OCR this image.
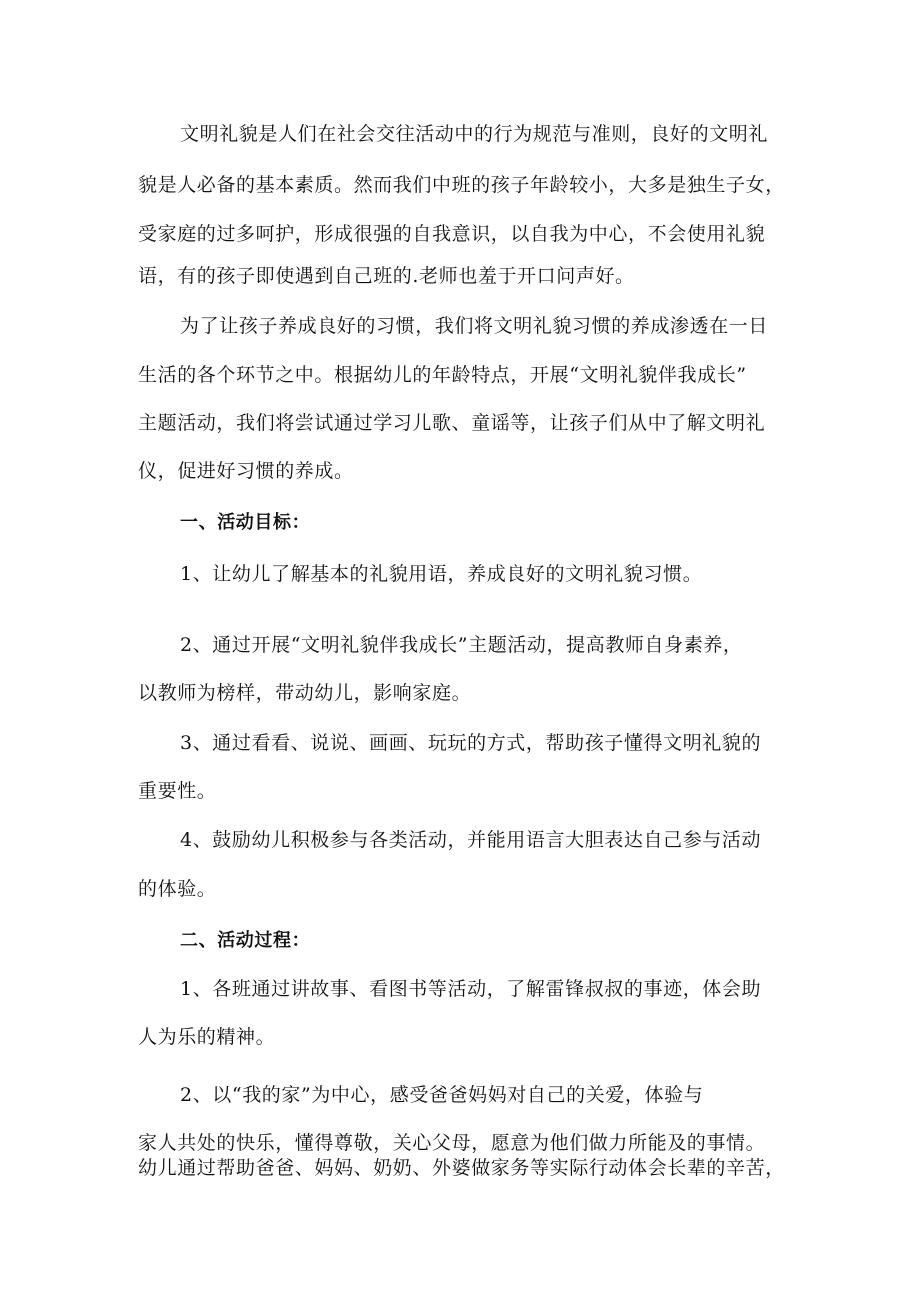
文明礼貌是人们在社会交往活动中的行为规范与准则，良好的文明礼
貌是人必备的基本素质。然而我们中班的孩子年龄较小，大多是独生子女，
受家庭的过多呵护，形成很强的自我意识，以自我为中心，不会使用礼貌
语，有的孩子即使遇到自己班的.老师也羞于开口问声好。
为了让孩子养成良好的习惯，我们将文明礼貌习惯的养成渗透在一日
生活的各个环节之中。根据幼儿的年龄特点，开展“文明礼貌伴我成长”
主题活动，我们将尝试通过学习儿歌、童谣等，让孩子们从中了解文明礼
仪，促进好习惯的养成。
一、活动目标：
1、让幼儿了解基本的礼貌用语，养成良好的文明礼貌习惯。
2、通过开展“文明礼貌伴我成长”主题活动，提高教师自身素养，
以教师为榜样，带动幼儿，影响家庭。
3、通过看看、说说、画画、玩玩的方式，帮助孩子懂得文明礼貌的
重要性。
4、鼓励幼儿积极参与各类活动，并能用语言大胆表达自己参与活动
的体验。
二、活动过程：
1、各班通过讲故事、看图书等活动，了解雷锋叔叔的事迹，体会助
人为乐的精神。
2、以“我的家”为中心，感受爸爸妈妈对自己的关爱，体验与
家人共处的快乐，懂得尊敬，关心父母，愿意为他们做力所能及的事情。
幼儿通过帮助爸爸、妈妈、奶奶、外婆做家务等实际行动体会长辈的辛苦，
